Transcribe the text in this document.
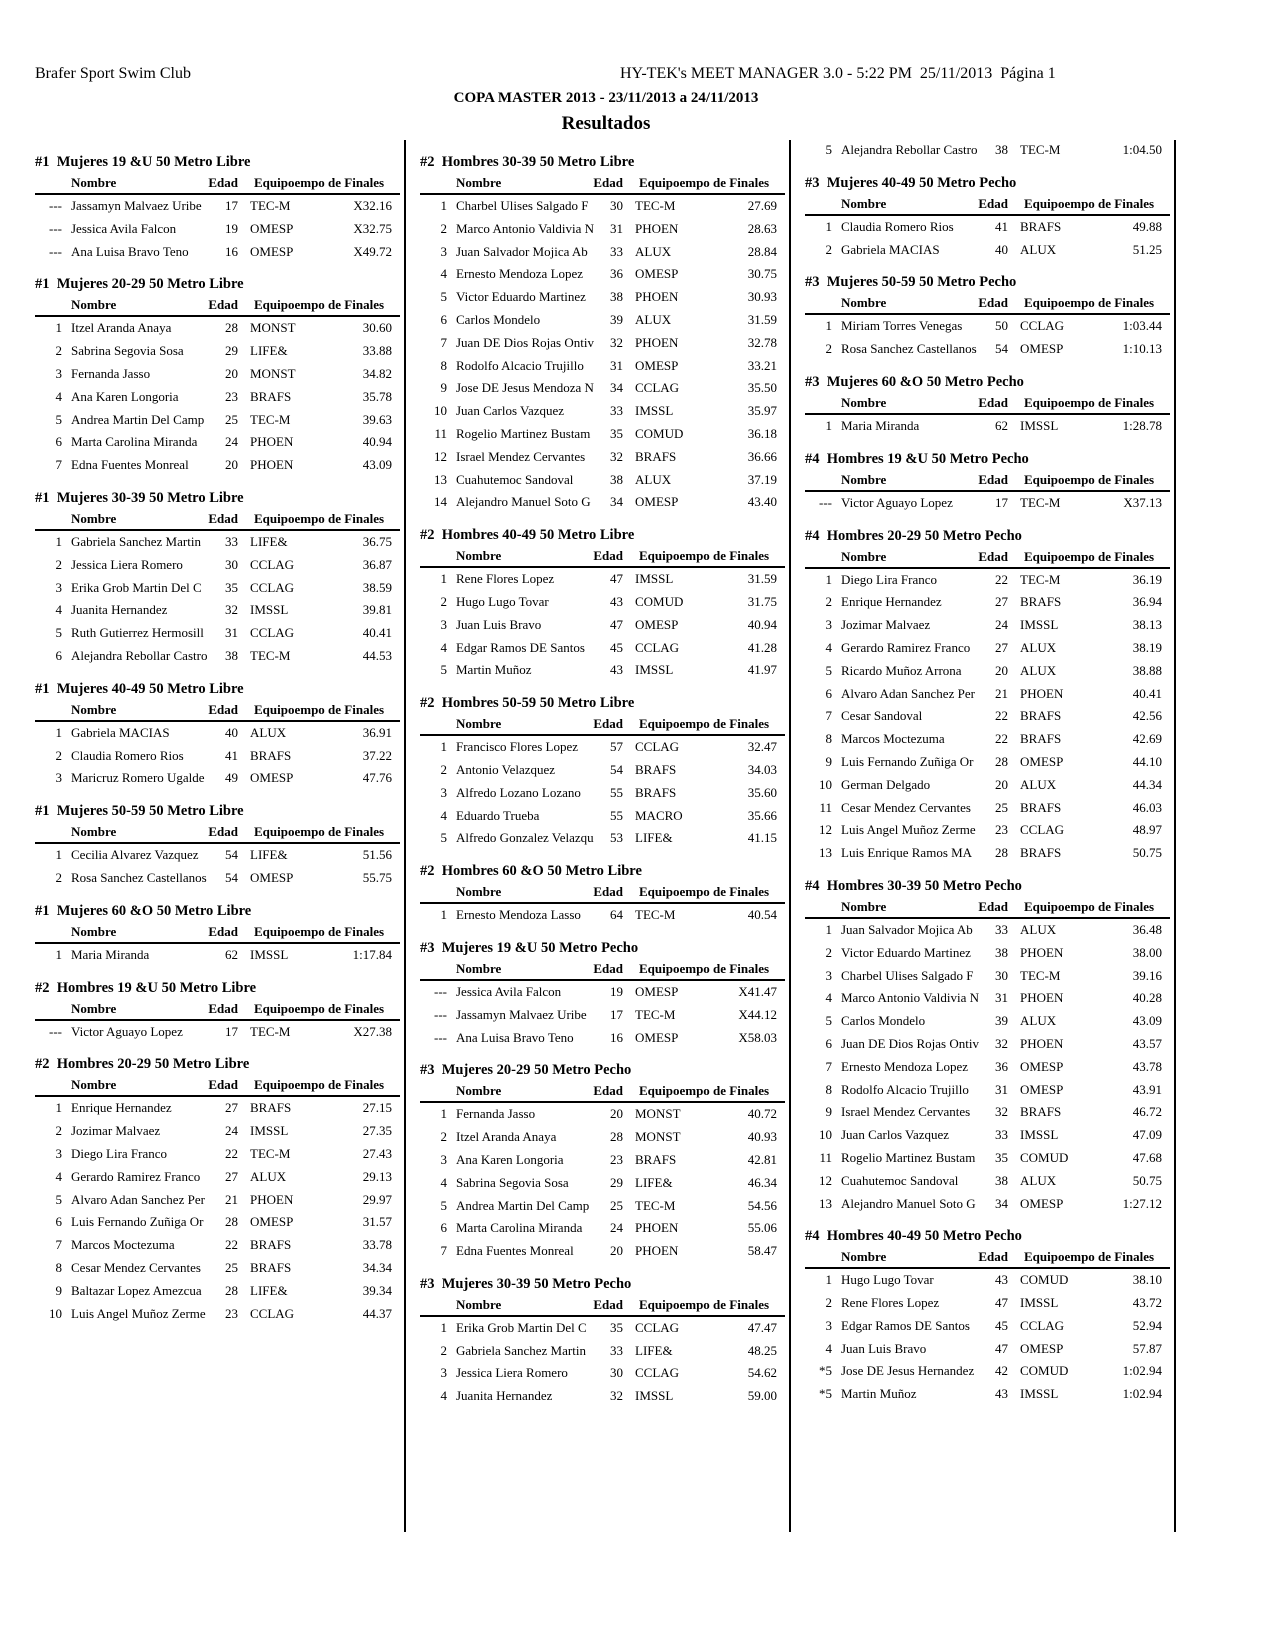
Brafer Sport Swim Club	HY-TEK's MEET MANAGER 3.0 - 5:22 PM  25/11/2013  Página 1
COPA MASTER 2013 - 23/11/2013 a 24/11/2013
Resultados
#1  Mujeres 19 &U 50 Metro Libre
Nombre	Edad Equipoempo de Finales
--- Jassamyn Malvaez Uribe	17 TEC-M	X32.16
--- Jessica Avila Falcon	19 OMESP	X32.75
--- Ana Luisa Bravo Teno	16 OMESP	X49.72
#1  Mujeres 20-29 50 Metro Libre
Nombre	Edad Equipoempo de Finales
1 Itzel Aranda Anaya	28 MONST	30.60
2 Sabrina Segovia Sosa	29 LIFE&	33.88
3 Fernanda Jasso	20 MONST	34.82
4 Ana Karen Longoria	23 BRAFS	35.78
5 Andrea Martin Del Camp	25 TEC-M	39.63
6 Marta Carolina Miranda	24 PHOEN	40.94
7 Edna Fuentes Monreal	20 PHOEN	43.09
#1  Mujeres 30-39 50 Metro Libre
Nombre	Edad Equipoempo de Finales
1 Gabriela Sanchez Martin	33 LIFE&	36.75
2 Jessica Liera Romero	30 CCLAG	36.87
3 Erika Grob Martin Del C	35 CCLAG	38.59
4 Juanita Hernandez	32 IMSSL	39.81
5 Ruth Gutierrez Hermosill	31 CCLAG	40.41
6 Alejandra Rebollar Castro	38 TEC-M	44.53
#1  Mujeres 40-49 50 Metro Libre
Nombre	Edad Equipoempo de Finales
1 Gabriela MACIAS	40 ALUX	36.91
2 Claudia Romero Rios	41 BRAFS	37.22
3 Maricruz Romero Ugalde	49 OMESP	47.76
#1  Mujeres 50-59 50 Metro Libre
Nombre	Edad Equipoempo de Finales
1 Cecilia Alvarez Vazquez	54 LIFE&	51.56
2 Rosa Sanchez Castellanos	54 OMESP	55.75
#1  Mujeres 60 &O 50 Metro Libre
Nombre	Edad Equipoempo de Finales
1 Maria Miranda	62 IMSSL	1:17.84
#2  Hombres 19 &U 50 Metro Libre
Nombre	Edad Equipoempo de Finales
--- Victor Aguayo Lopez	17 TEC-M	X27.38
#2  Hombres 20-29 50 Metro Libre
Nombre	Edad Equipoempo de Finales
1 Enrique Hernandez	27 BRAFS	27.15
2 Jozimar Malvaez	24 IMSSL	27.35
3 Diego Lira Franco	22 TEC-M	27.43
4 Gerardo Ramirez Franco	27 ALUX	29.13
5 Alvaro Adan Sanchez Per	21 PHOEN	29.97
6 Luis Fernando Zuñiga Or	28 OMESP	31.57
7 Marcos Moctezuma	22 BRAFS	33.78
8 Cesar Mendez Cervantes	25 BRAFS	34.34
9 Baltazar Lopez Amezcua	28 LIFE&	39.34
10 Luis Angel Muñoz Zerme	23 CCLAG	44.37
#2  Hombres 30-39 50 Metro Libre
Nombre	Edad Equipoempo de Finales
1 Charbel Ulises Salgado F	30 TEC-M	27.69
2 Marco Antonio Valdivia N	31 PHOEN	28.63
3 Juan Salvador Mojica Ab	33 ALUX	28.84
4 Ernesto Mendoza Lopez	36 OMESP	30.75
5 Victor Eduardo Martinez	38 PHOEN	30.93
6 Carlos Mondelo	39 ALUX	31.59
7 Juan DE Dios Rojas Ontiv	32 PHOEN	32.78
8 Rodolfo Alcacio Trujillo	31 OMESP	33.21
9 Jose DE Jesus Mendoza N	34 CCLAG	35.50
10 Juan Carlos Vazquez	33 IMSSL	35.97
11 Rogelio Martinez Bustam	35 COMUD	36.18
12 Israel Mendez Cervantes	32 BRAFS	36.66
13 Cuahutemoc Sandoval	38 ALUX	37.19
14 Alejandro Manuel Soto G	34 OMESP	43.40
#2  Hombres 40-49 50 Metro Libre
Nombre	Edad Equipoempo de Finales
1 Rene Flores Lopez	47 IMSSL	31.59
2 Hugo Lugo Tovar	43 COMUD	31.75
3 Juan Luis Bravo	47 OMESP	40.94
4 Edgar Ramos DE Santos	45 CCLAG	41.28
5 Martin Muñoz	43 IMSSL	41.97
#2  Hombres 50-59 50 Metro Libre
Nombre	Edad Equipoempo de Finales
1 Francisco Flores Lopez	57 CCLAG	32.47
2 Antonio Velazquez	54 BRAFS	34.03
3 Alfredo Lozano Lozano	55 BRAFS	35.60
4 Eduardo Trueba	55 MACRO	35.66
5 Alfredo Gonzalez Velazqu	53 LIFE&	41.15
#2  Hombres 60 &O 50 Metro Libre
Nombre	Edad Equipoempo de Finales
1 Ernesto Mendoza Lasso	64 TEC-M	40.54
#3  Mujeres 19 &U 50 Metro Pecho
Nombre	Edad Equipoempo de Finales
--- Jessica Avila Falcon	19 OMESP	X41.47
--- Jassamyn Malvaez Uribe	17 TEC-M	X44.12
--- Ana Luisa Bravo Teno	16 OMESP	X58.03
#3  Mujeres 20-29 50 Metro Pecho
Nombre	Edad Equipoempo de Finales
1 Fernanda Jasso	20 MONST	40.72
2 Itzel Aranda Anaya	28 MONST	40.93
3 Ana Karen Longoria	23 BRAFS	42.81
4 Sabrina Segovia Sosa	29 LIFE&	46.34
5 Andrea Martin Del Camp	25 TEC-M	54.56
6 Marta Carolina Miranda	24 PHOEN	55.06
7 Edna Fuentes Monreal	20 PHOEN	58.47
#3  Mujeres 30-39 50 Metro Pecho
Nombre	Edad Equipoempo de Finales
1 Erika Grob Martin Del C	35 CCLAG	47.47
2 Gabriela Sanchez Martin	33 LIFE&	48.25
3 Jessica Liera Romero	30 CCLAG	54.62
4 Juanita Hernandez	32 IMSSL	59.00
5 Alejandra Rebollar Castro	38 TEC-M	1:04.50
#3  Mujeres 40-49 50 Metro Pecho
Nombre	Edad Equipoempo de Finales
1 Claudia Romero Rios	41 BRAFS	49.88
2 Gabriela MACIAS	40 ALUX	51.25
#3  Mujeres 50-59 50 Metro Pecho
Nombre	Edad Equipoempo de Finales
1 Miriam Torres Venegas	50 CCLAG	1:03.44
2 Rosa Sanchez Castellanos	54 OMESP	1:10.13
#3  Mujeres 60 &O 50 Metro Pecho
Nombre	Edad Equipoempo de Finales
1 Maria Miranda	62 IMSSL	1:28.78
#4  Hombres 19 &U 50 Metro Pecho
Nombre	Edad Equipoempo de Finales
--- Victor Aguayo Lopez	17 TEC-M	X37.13
#4  Hombres 20-29 50 Metro Pecho
Nombre	Edad Equipoempo de Finales
1 Diego Lira Franco	22 TEC-M	36.19
2 Enrique Hernandez	27 BRAFS	36.94
3 Jozimar Malvaez	24 IMSSL	38.13
4 Gerardo Ramirez Franco	27 ALUX	38.19
5 Ricardo Muñoz Arrona	20 ALUX	38.88
6 Alvaro Adan Sanchez Per	21 PHOEN	40.41
7 Cesar Sandoval	22 BRAFS	42.56
8 Marcos Moctezuma	22 BRAFS	42.69
9 Luis Fernando Zuñiga Or	28 OMESP	44.10
10 German Delgado	20 ALUX	44.34
11 Cesar Mendez Cervantes	25 BRAFS	46.03
12 Luis Angel Muñoz Zerme	23 CCLAG	48.97
13 Luis Enrique Ramos MA	28 BRAFS	50.75
#4  Hombres 30-39 50 Metro Pecho
Nombre	Edad Equipoempo de Finales
1 Juan Salvador Mojica Ab	33 ALUX	36.48
2 Victor Eduardo Martinez	38 PHOEN	38.00
3 Charbel Ulises Salgado F	30 TEC-M	39.16
4 Marco Antonio Valdivia N	31 PHOEN	40.28
5 Carlos Mondelo	39 ALUX	43.09
6 Juan DE Dios Rojas Ontiv	32 PHOEN	43.57
7 Ernesto Mendoza Lopez	36 OMESP	43.78
8 Rodolfo Alcacio Trujillo	31 OMESP	43.91
9 Israel Mendez Cervantes	32 BRAFS	46.72
10 Juan Carlos Vazquez	33 IMSSL	47.09
11 Rogelio Martinez Bustam	35 COMUD	47.68
12 Cuahutemoc Sandoval	38 ALUX	50.75
13 Alejandro Manuel Soto G	34 OMESP	1:27.12
#4  Hombres 40-49 50 Metro Pecho
Nombre	Edad Equipoempo de Finales
1 Hugo Lugo Tovar	43 COMUD	38.10
2 Rene Flores Lopez	47 IMSSL	43.72
3 Edgar Ramos DE Santos	45 CCLAG	52.94
4 Juan Luis Bravo	47 OMESP	57.87
*5 Jose DE Jesus Hernandez	42 COMUD	1:02.94
*5 Martin Muñoz	43 IMSSL	1:02.94
